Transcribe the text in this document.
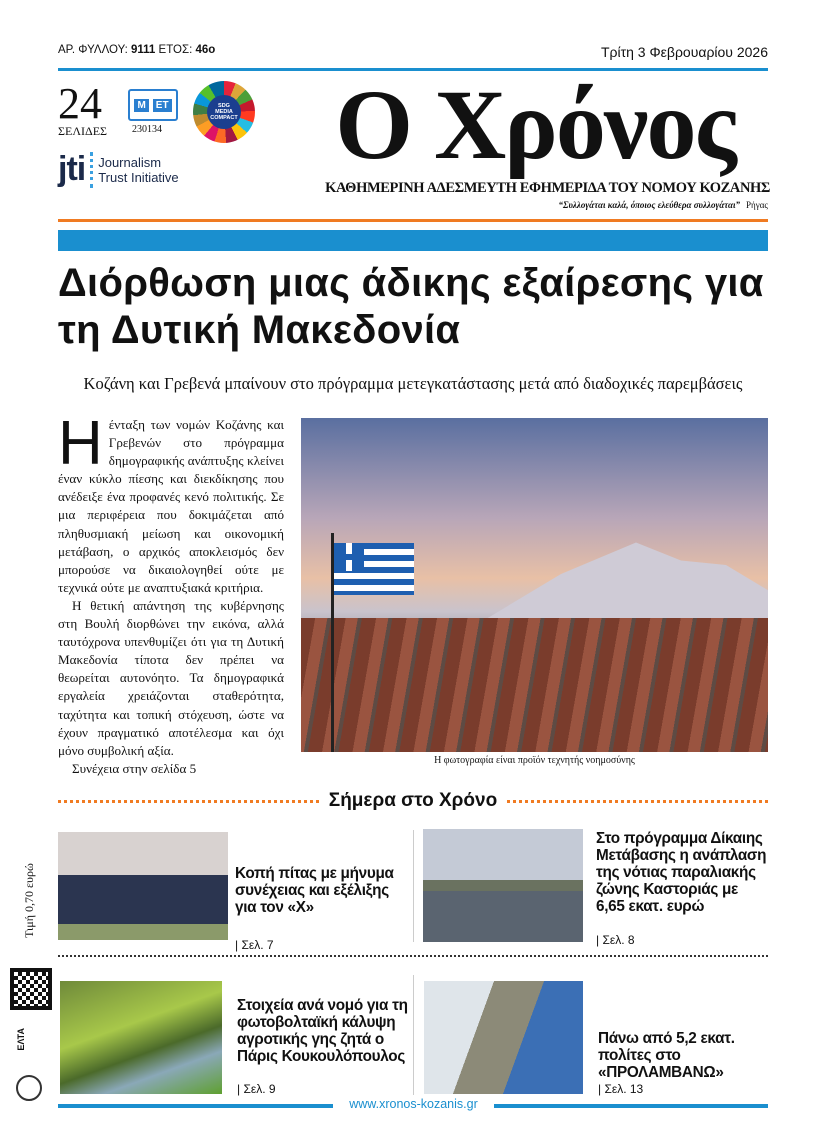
ΑΡ. ΦΥΛΛΟΥ: 9111 ΕΤΟΣ: 46ο	Τρίτη 3 Φεβρουαρίου 2026
24
ΣΕΛΙΔΕΣ
Μ	ΕΤ
230134
SDG
MEDIA
COMPACT
jti Journalism
Trust Initiative	Ο Χρόνος
ΚΑΘΗΜΕΡΙΝΗ ΑΔΕΣΜΕΥΤΗ ΕΦΗΜΕΡΙΔΑ ΤΟΥ ΝΟΜΟΥ ΚΟΖΑΝΗΣ
“Συλλογάται καλά, όποιος ελεύθερα συλλογάται” Ρήγας
Διόρθωση μιας άδικης εξαίρεσης για τη Δυτική Μακεδονία
Κοζάνη και Γρεβενά μπαίνουν στο πρόγραμμα μετεγκατάστασης μετά από διαδοχικές παρεμβάσεις

Ηένταξη των νομών Κοζάνης και Γρεβενών στο πρόγραμμα δημογραφικής ανάπτυξης κλείνει έναν κύκλο πίεσης και διεκδίκησης που ανέδειξε ένα προφανές κενό πολιτικής. Σε μια περιφέρεια που δοκιμάζεται από πληθυσμιακή μείωση και οικονομική μετάβαση, ο αρχικός αποκλεισμός δεν μπορούσε να δικαιολογηθεί ούτε με τεχνικά ούτε με αναπτυξιακά κριτήρια.

Η θετική απάντηση της κυβέρνησης στη Βουλή διορθώνει την εικόνα, αλλά ταυτόχρονα υπενθυμίζει ότι για τη Δυτική Μακεδονία τίποτα δεν πρέπει να θεωρείται αυτονόητο. Τα δημογραφικά εργαλεία χρειάζονται σταθερότητα, ταχύτητα και τοπική στόχευση, ώστε να έχουν πραγματικό αποτέλεσμα και όχι μόνο συμβολική αξία.

Συνέχεια στην σελίδα 5

Η φωτογραφία είναι προϊόν τεχνητής νοημοσύνης
Σήμερα στο Χρόνο
Κοπή πίτας με μήνυμα συνέχειας και εξέλιξης για τον «Χ»
| Σελ. 7
Στο πρόγραμμα Δίκαιης Μετάβασης η ανάπλαση της νότιας παραλιακής ζώνης Καστοριάς με 6,65 εκατ. ευρώ
| Σελ. 8
Στοιχεία ανά νομό για τη φωτοβολταϊκή κάλυψη αγροτικής γης ζητά ο Πάρις Κουκουλόπουλος
| Σελ. 9
Πάνω από 5,2 εκατ. πολίτες στο «ΠΡΟΛΑΜΒΑΝΩ»
| Σελ. 13
Τιμή 0,70 ευρώ
ΕΛΤΑ
www.xronos-kozanis.gr
